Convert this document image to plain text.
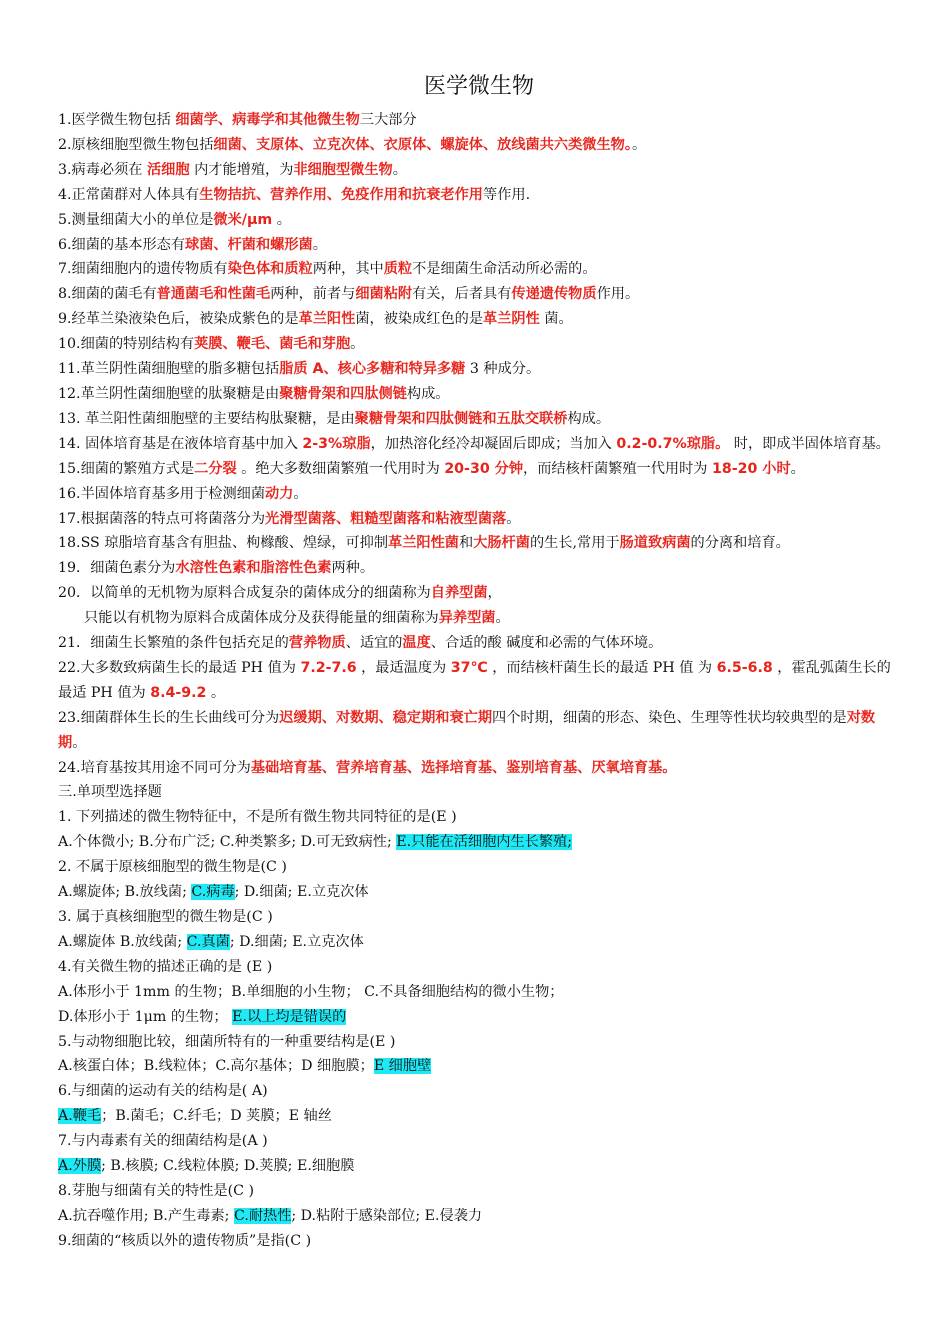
医学微生物
1.医学微生物包括 细菌学、病毒学和其他微生物三大部分
2.原核细胞型微生物包括细菌、支原体、立克次体、衣原体、螺旋体、放线菌共六类微生物。。
3.病毒必须在 活细胞 内才能增殖，为非细胞型微生物。
4.正常菌群对人体具有生物拮抗、营养作用、免疫作用和抗衰老作用等作用.
5.测量细菌大小的单位是微米/μm 。
6.细菌的基本形态有球菌、杆菌和螺形菌。
7.细菌细胞内的遗传物质有染色体和质粒两种，其中质粒不是细菌生命活动所必需的。
8.细菌的菌毛有普通菌毛和性菌毛两种，前者与细菌粘附有关，后者具有传递遗传物质作用。
9.经革兰染液染色后，被染成紫色的是革兰阳性菌，被染成红色的是革兰阴性 菌。
10.细菌的特别结构有荚膜、鞭毛、菌毛和芽胞。
11.革兰阴性菌细胞壁的脂多糖包括脂质 A、核心多糖和特异多糖 3 种成分。
12.革兰阴性菌细胞壁的肽聚糖是由聚糖骨架和四肽侧链构成。
13. 革兰阳性菌细胞壁的主要结构肽聚糖，是由聚糖骨架和四肽侧链和五肽交联桥构成。
14. 固体培育基是在液体培育基中加入 2-3%琼脂，加热溶化经冷却凝固后即成；当加入 0.2-0.7%琼脂。 时，即成半固体培育基。
15.细菌的繁殖方式是二分裂 。绝大多数细菌繁殖一代用时为 20-30 分钟，而结核杆菌繁殖一代用时为 18-20 小时。
16.半固体培育基多用于检测细菌动力。
17.根据菌落的特点可将菌落分为光滑型菌落、粗糙型菌落和粘液型菌落。
18.SS 琼脂培育基含有胆盐、枸橼酸、煌绿，可抑制革兰阳性菌和大肠杆菌的生长,常用于肠道致病菌的分离和培育。
19．细菌色素分为水溶性色素和脂溶性色素两种。
20．以简单的无机物为原料合成复杂的菌体成分的细菌称为自养型菌，
只能以有机物为原料合成菌体成分及获得能量的细菌称为异养型菌。
21．细菌生长繁殖的条件包括充足的营养物质、适宜的温度、合适的酸 碱度和必需的气体环境。
22.大多数致病菌生长的最适 PH 值为 7.2-7.6 ，最适温度为 37℃ ，而结核杆菌生长的最适 PH 值 为 6.5-6.8 ，霍乱弧菌生长的最适 PH 值为 8.4-9.2 。
23.细菌群体生长的生长曲线可分为迟缓期、对数期、稳定期和衰亡期四个时期，细菌的形态、染色、生理等性状均较典型的是对数期。
24.培育基按其用途不同可分为基础培育基、营养培育基、选择培育基、鉴别培育基、厌氧培育基。
三.单项型选择题
1. 下列描述的微生物特征中，不是所有微生物共同特征的是(E )
A.个体微小; B.分布广泛; C.种类繁多; D.可无致病性; E.只能在活细胞内生长繁殖;
2. 不属于原核细胞型的微生物是(C )
A.螺旋体; B.放线菌; C.病毒; D.细菌; E.立克次体
3. 属于真核细胞型的微生物是(C )
A.螺旋体 B.放线菌; C.真菌; D.细菌; E.立克次体
4.有关微生物的描述正确的是 (E )
A.体形小于 1mm 的生物；B.单细胞的小生物； C.不具备细胞结构的微小生物；
D.体形小于 1μm 的生物； E.以上均是错误的
5.与动物细胞比较，细菌所特有的一种重要结构是(E )
A.核蛋白体；B.线粒体；C.高尔基体；D 细胞膜；E 细胞壁
6.与细菌的运动有关的结构是( A)
A.鞭毛；B.菌毛；C.纤毛；D 荚膜；E 轴丝
7.与内毒素有关的细菌结构是(A )
A.外膜; B.核膜; C.线粒体膜; D.荚膜; E.细胞膜
8.芽胞与细菌有关的特性是(C )
A.抗吞噬作用; B.产生毒素; C.耐热性; D.粘附于感染部位; E.侵袭力
9.细菌的“核质以外的遗传物质”是指(C )
